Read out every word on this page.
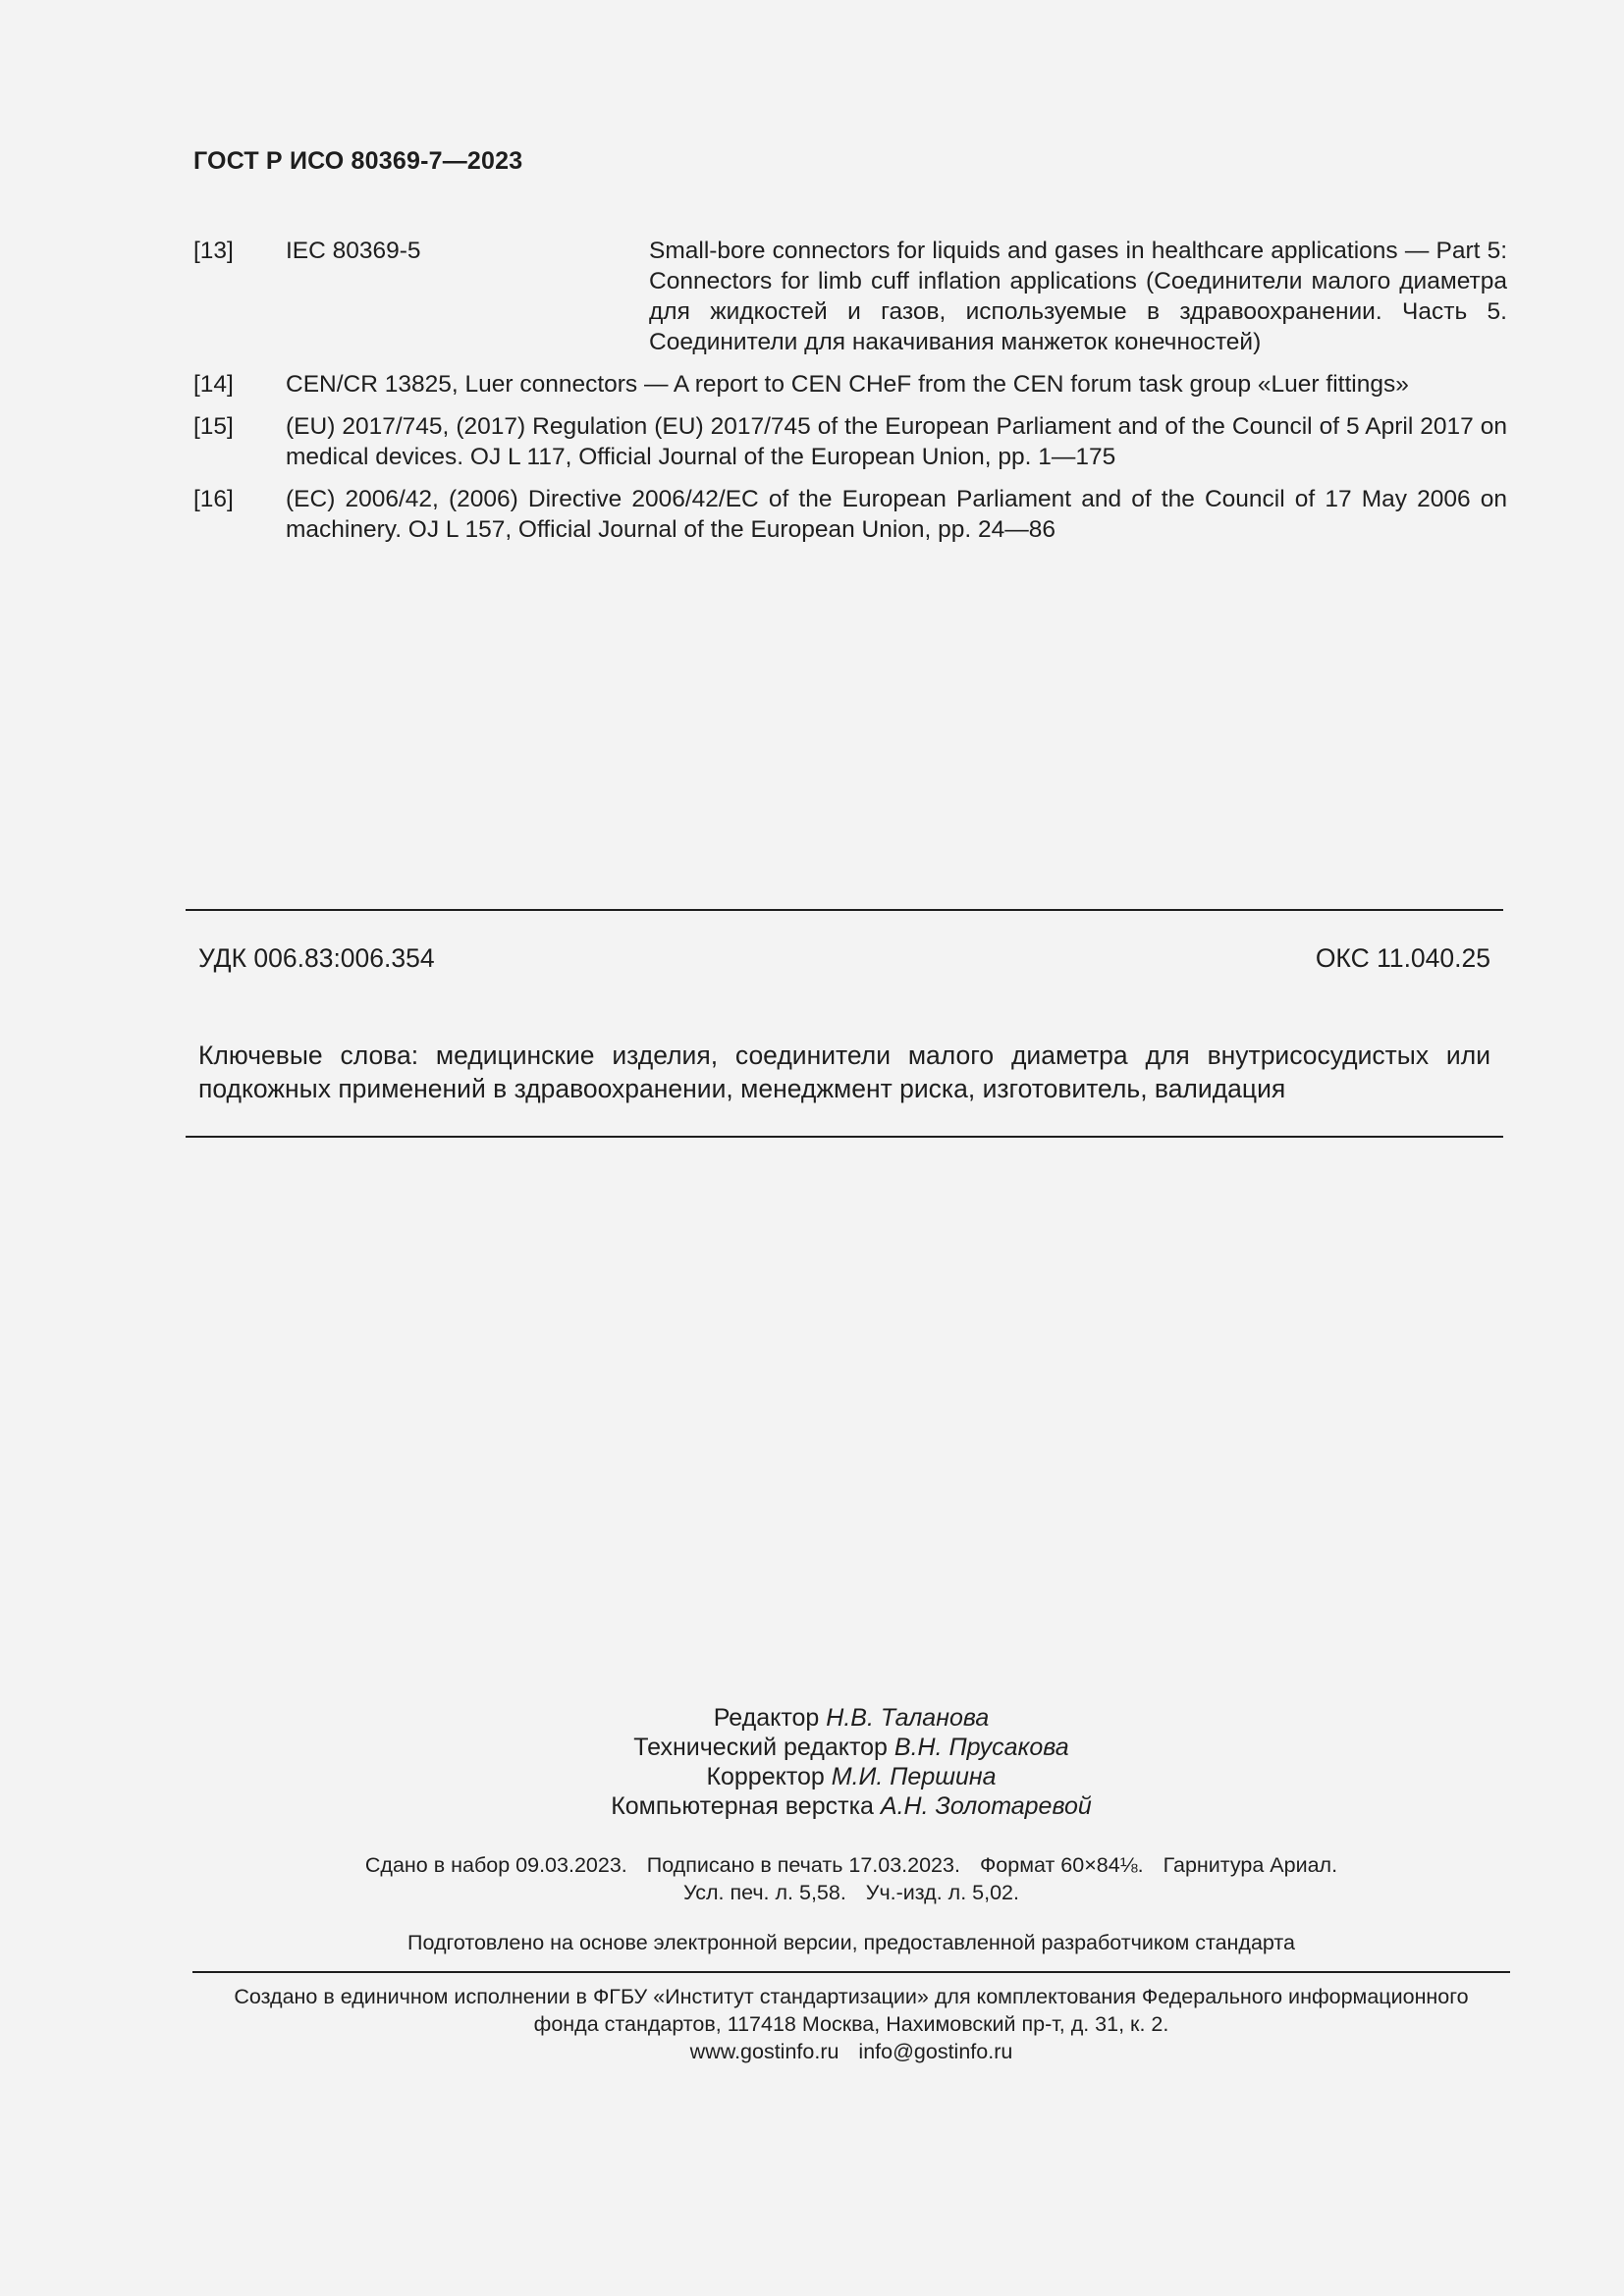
ГОСТ Р ИСО 80369-7—2023
[13]	IEC 80369-5	Small-bore connectors for liquids and gases in healthcare applications — Part 5: Connectors for limb cuff inflation applications (Соединители малого диаметра для жидкостей и газов, используемые в здравоохранении. Часть 5. Соединители для накачивания манжеток конечностей)
[14]	CEN/CR 13825, Luer connectors — A report to CEN CHeF from the CEN forum task group «Luer fittings»
[15]	(EU) 2017/745, (2017) Regulation (EU) 2017/745 of the European Parliament and of the Council of 5 April 2017 on medical devices. OJ L 117, Official Journal of the European Union, pp. 1—175
[16]	(EC) 2006/42, (2006) Directive 2006/42/EC of the European Parliament and of the Council of 17 May 2006 on machinery. OJ L 157, Official Journal of the European Union, pp. 24—86
УДК 006.83:006.354	ОКС 11.040.25
Ключевые слова: медицинские изделия, соединители малого диаметра для внутрисосудистых или подкожных применений в здравоохранении, менеджмент риска, изготовитель, валидация
Редактор Н.В. Таланова
Технический редактор В.Н. Прусакова
Корректор М.И. Першина
Компьютерная верстка А.Н. Золотаревой
Сдано в набор 09.03.2023. Подписано в печать 17.03.2023. Формат 60×84⅛. Гарнитура Ариал.
Усл. печ. л. 5,58. Уч.-изд. л. 5,02.
Подготовлено на основе электронной версии, предоставленной разработчиком стандарта
Создано в единичном исполнении в ФГБУ «Институт стандартизации» для комплектования Федерального информационного
фонда стандартов, 117418 Москва, Нахимовский пр-т, д. 31, к. 2.
www.gostinfo.ru info@gostinfo.ru
